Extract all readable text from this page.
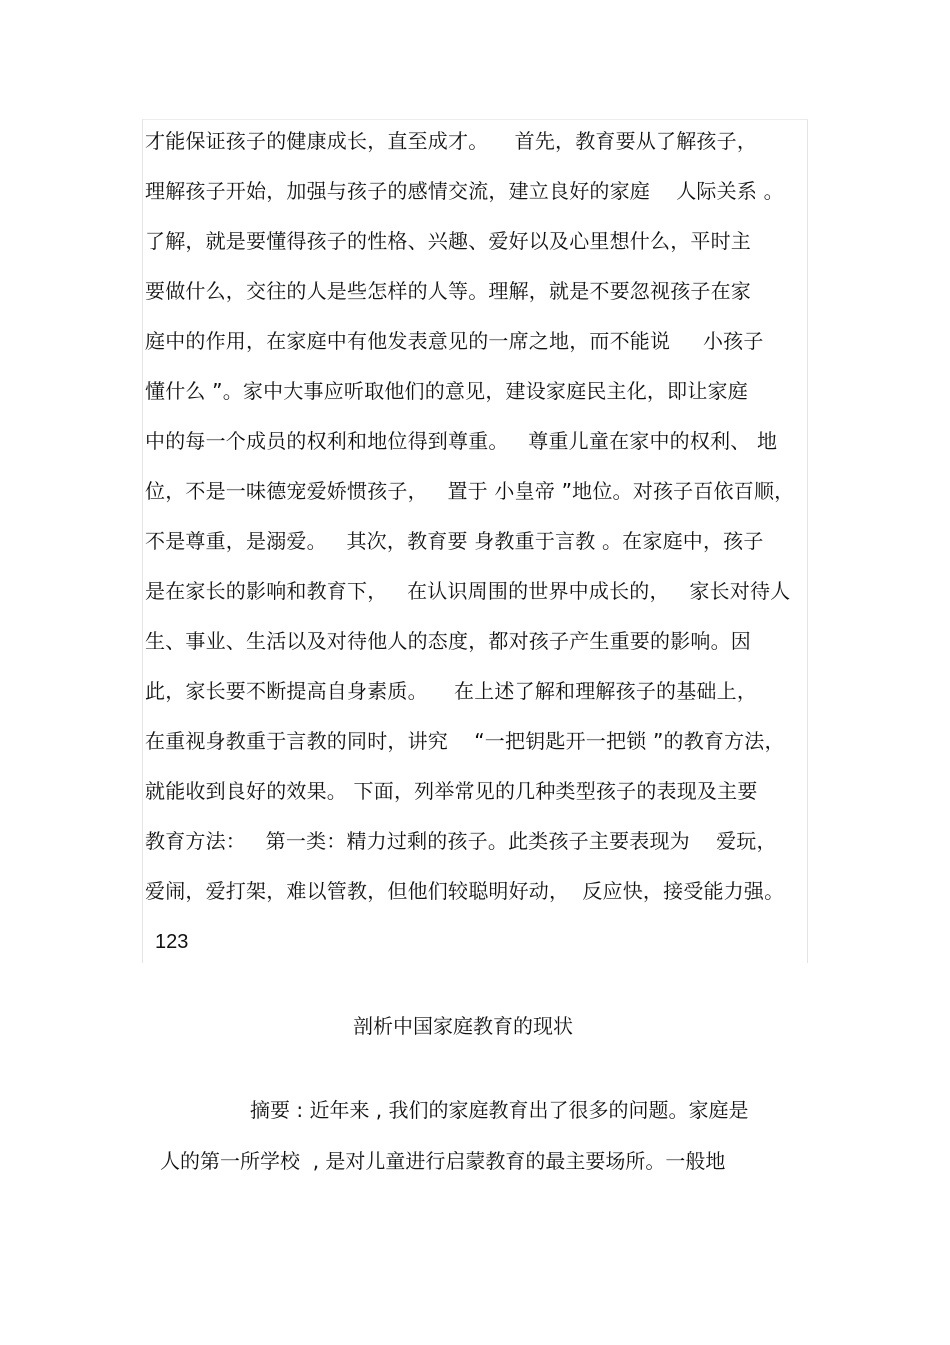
才能保证孩子的健康成长，直至成才。    首先，教育要从了解孩子，
理解孩子开始，加强与孩子的感情交流，建立良好的家庭    人际关系 。
了解，就是要懂得孩子的性格、兴趣、爱好以及心里想什么，平时主
要做什么，交往的人是些怎样的人等。理解，就是不要忽视孩子在家
庭中的作用，在家庭中有他发表意见的一席之地，而不能说     小孩子
懂什么 ”。家中大事应听取他们的意见，建设家庭民主化，即让家庭
中的每一个成员的权利和地位得到尊重。   尊重儿童在家中的权利、 地
位，不是一味德宠爱娇惯孩子，   置于 小皇帝 ”地位。对孩子百依百顺，
不是尊重，是溺爱。   其次，教育要 身教重于言教 。在家庭中，孩子
是在家长的影响和教育下，   在认识周围的世界中成长的，   家长对待人
生、事业、生活以及对待他人的态度，都对孩子产生重要的影响。因
此，家长要不断提高自身素质。    在上述了解和理解孩子的基础上，
在重视身教重于言教的同时，讲究    “一把钥匙开一把锁 ”的教育方法，
就能收到良好的效果。 下面，列举常见的几种类型孩子的表现及主要
教育方法：   第一类：精力过剩的孩子。此类孩子主要表现为    爱玩，
爱闹，爱打架，难以管教，但他们较聪明好动，  反应快，接受能力强。
123
剖析中国家庭教育的现状
摘要 : 近年来 , 我们的家庭教育出了很多的问题。家庭是
人的第一所学校  , 是对儿童进行启蒙教育的最主要场所。一般地
